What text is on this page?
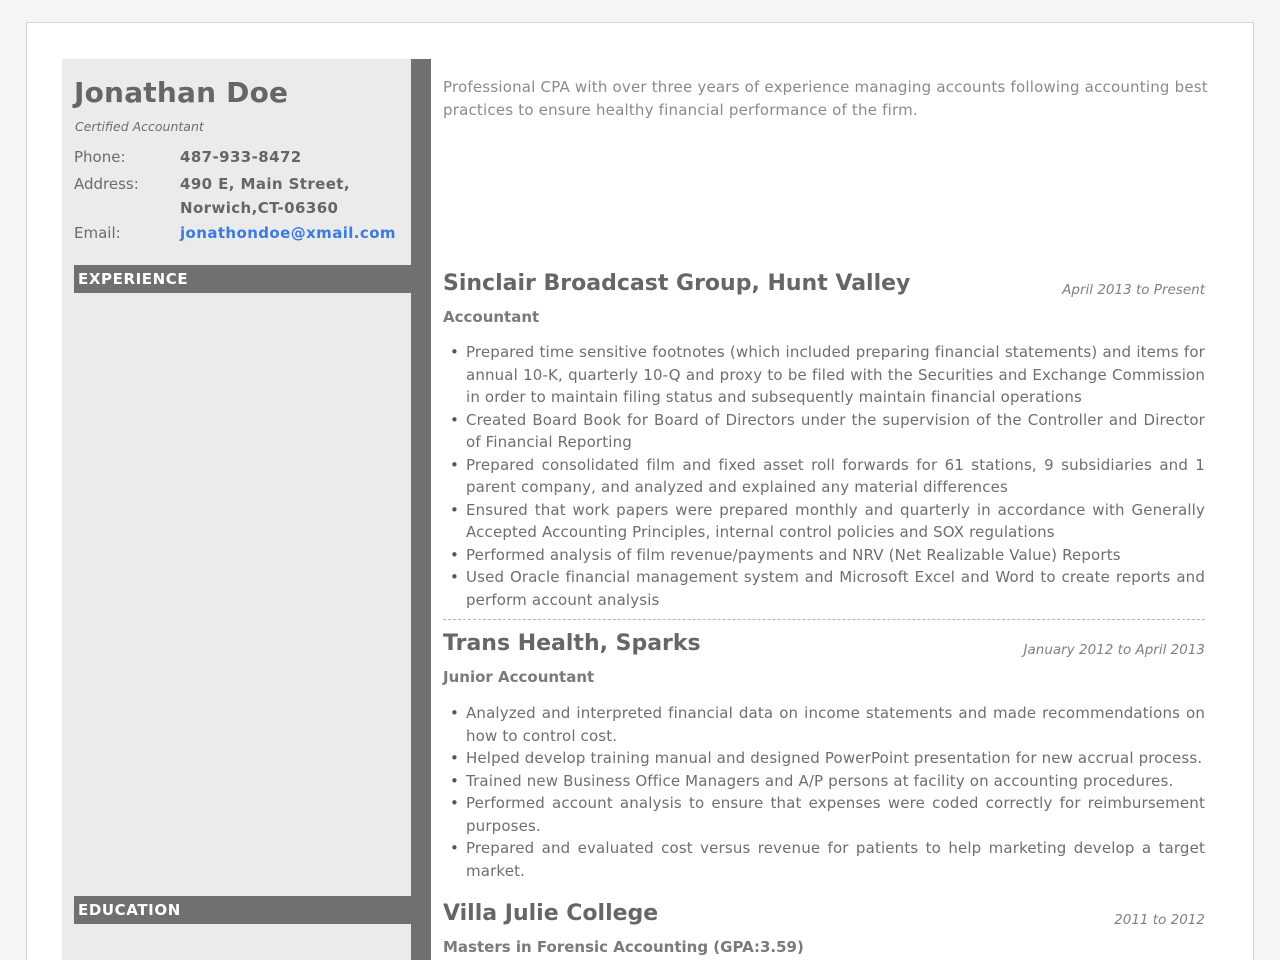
Jonathan Doe
Certified Accountant
Phone:	487-933-8472
Address:	490 E, Main Street,
Norwich,CT-06360
Email:	jonathondoe@xmail.com
EXPERIENCE
EDUCATION
Professional CPA with over three years of experience managing accounts following accounting best practices to ensure healthy financial performance of the firm.
Sinclair Broadcast Group, Hunt Valley	April 2013 to Present
Accountant
• Prepared time sensitive footnotes (which included preparing financial statements) and items for annual 10-K, quarterly 10-Q and proxy to be filed with the Securities and Exchange Commission in order to maintain filing status and subsequently maintain financial operations
• Created Board Book for Board of Directors under the supervision of the Controller and Director of Financial Reporting
• Prepared consolidated film and fixed asset roll forwards for 61 stations, 9 subsidiaries and 1 parent company, and analyzed and explained any material differences
• Ensured that work papers were prepared monthly and quarterly in accordance with Generally Accepted Accounting Principles, internal control policies and SOX regulations
• Performed analysis of film revenue/payments and NRV (Net Realizable Value) Reports
• Used Oracle financial management system and Microsoft Excel and Word to create reports and perform account analysis
Trans Health, Sparks	January 2012 to April 2013
Junior Accountant
• Analyzed and interpreted financial data on income statements and made recommendations on how to control cost.
• Helped develop training manual and designed PowerPoint presentation for new accrual process.
• Trained new Business Office Managers and A/P persons at facility on accounting procedures.
• Performed account analysis to ensure that expenses were coded correctly for reimbursement purposes.
• Prepared and evaluated cost versus revenue for patients to help marketing develop a target market.
Villa Julie College	2011 to 2012
Masters in Forensic Accounting (GPA:3.59)
